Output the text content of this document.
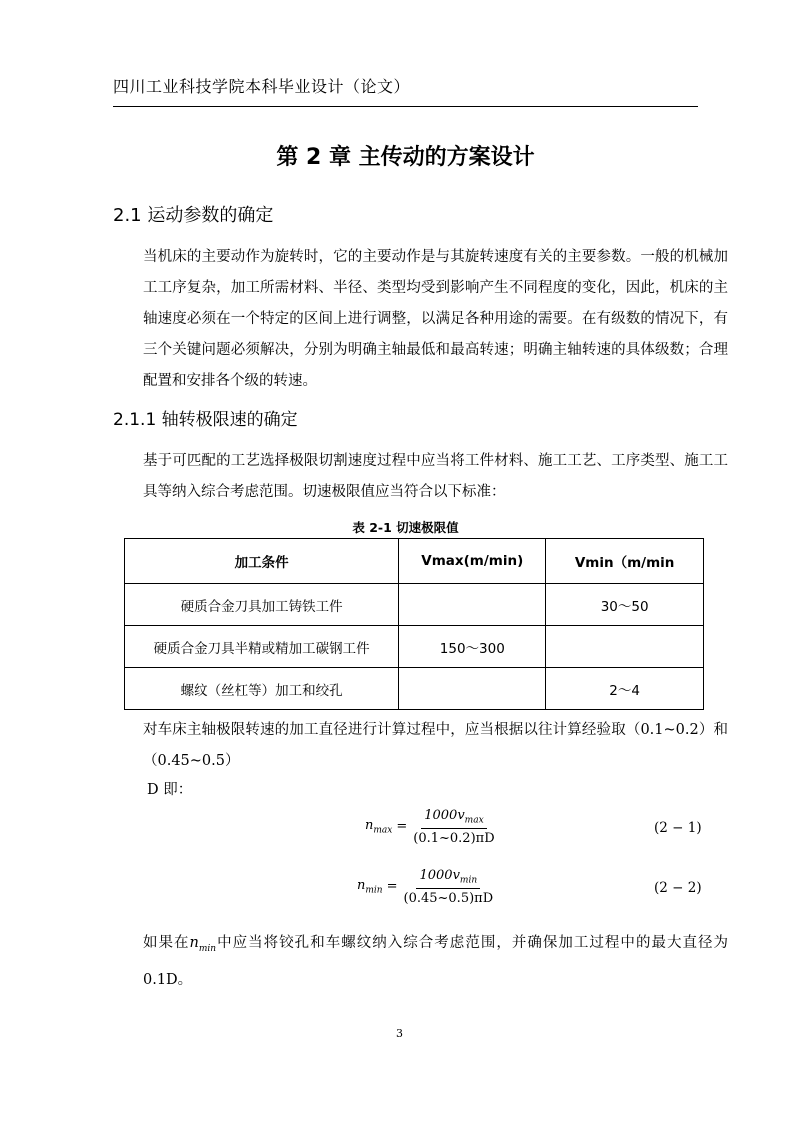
四川工业科技学院本科毕业设计（论文）
第 2 章 主传动的方案设计
2.1 运动参数的确定
当机床的主要动作为旋转时，它的主要动作是与其旋转速度有关的主要参数。一般的机械加工工序复杂，加工所需材料、半径、类型均受到影响产生不同程度的变化，因此，机床的主轴速度必须在一个特定的区间上进行调整，以满足各种用途的需要。在有级数的情况下，有三个关键问题必须解决，分别为明确主轴最低和最高转速；明确主轴转速的具体级数；合理配置和安排各个级的转速。
2.1.1 轴转极限速的确定
基于可匹配的工艺选择极限切割速度过程中应当将工件材料、施工工艺、工序类型、施工工具等纳入综合考虑范围。切速极限值应当符合以下标准：
表 2-1 切速极限值
加工条件	Vmax(m/min)	Vmin（m/min
硬质合金刀具加工铸铁工件		30～50
硬质合金刀具半精或精加工碳钢工件	150～300	
螺纹（丝杠等）加工和绞孔		2～4
对车床主轴极限转速的加工直径进行计算过程中，应当根据以往计算经验取（0.1~0.2）和（0.45~0.5）
D 即：
$n_{max} = \frac{1000v_{max}}{(0.1\sim 0.2)\pi D}$	(2 − 1)
$n_{min} = \frac{1000v_{min}}{(0.45\sim 0.5)\pi D}$	(2 − 2)
如果在$n_{min}$中应当将铰孔和车螺纹纳入综合考虑范围，并确保加工过程中的最大直径为 0.1D。
3
